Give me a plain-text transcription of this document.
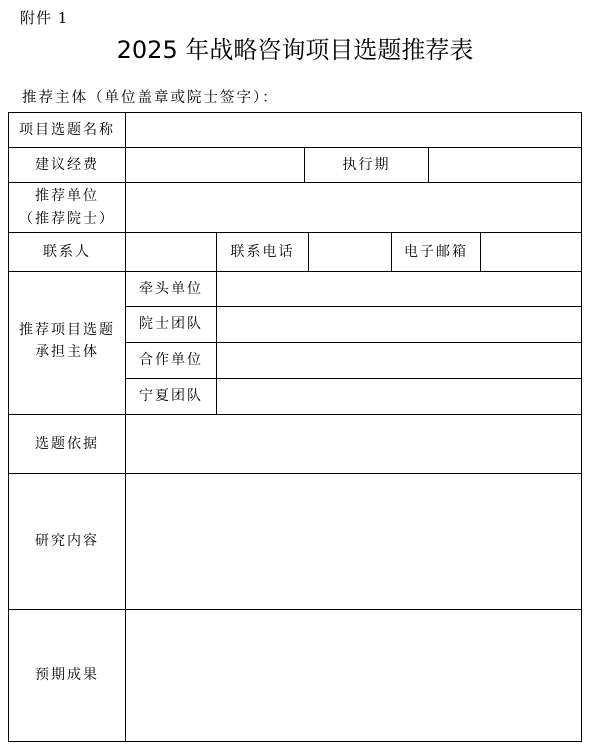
附件 1
2025 年战略咨询项目选题推荐表
推荐主体（单位盖章或院士签字）：
项目选题名称
建议经费	执行期
推荐单位
（推荐院士）
联系人	联系电话	电子邮箱
推荐项目选题
承担主体
牵头单位
院士团队
合作单位
宁夏团队
选题依据
研究内容
预期成果
